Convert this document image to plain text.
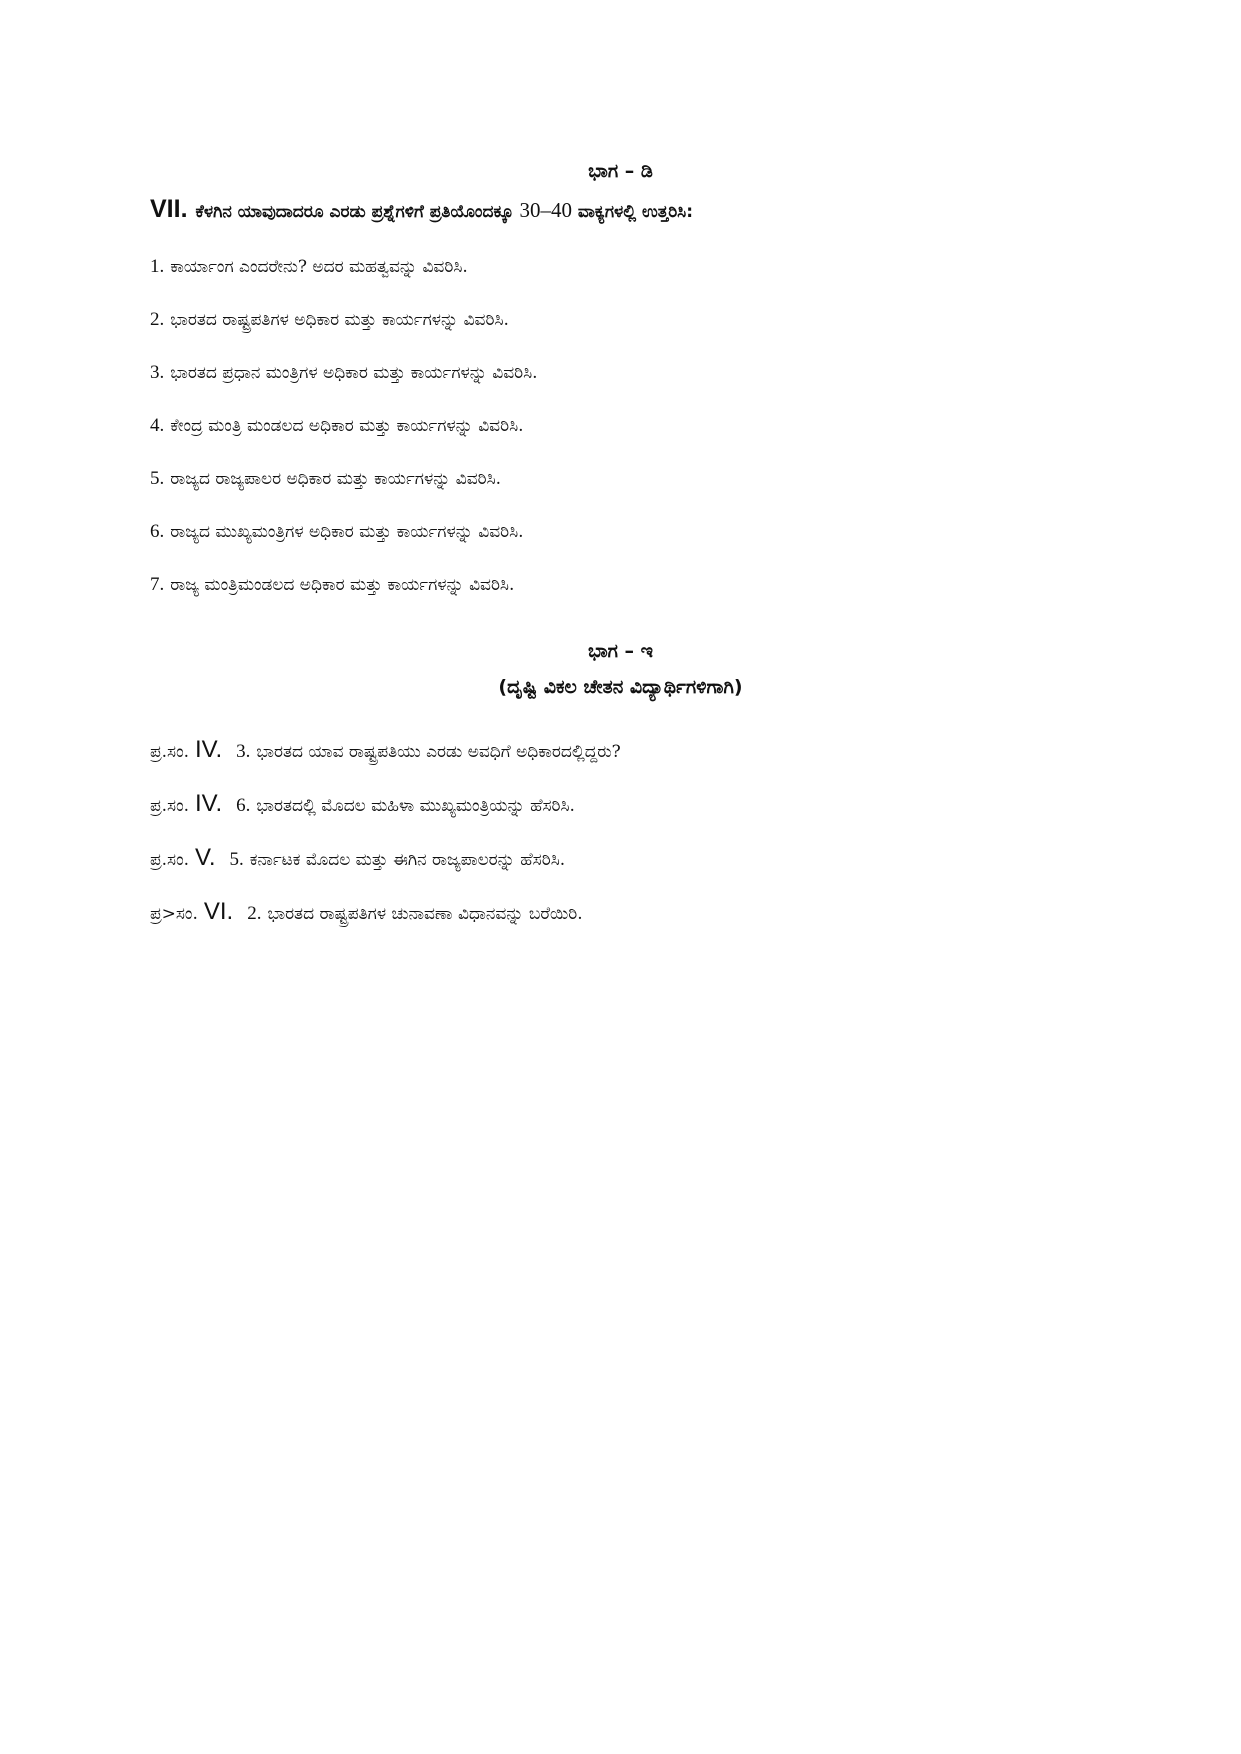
ಭಾಗ – ಡಿ
VII. ಕೆಳಗಿನ ಯಾವುದಾದರೂ ಎರಡು ಪ್ರಶ್ನೆಗಳಿಗೆ ಪ್ರತಿಯೊಂದಕ್ಕೂ 30–40 ವಾಕ್ಯಗಳಲ್ಲಿ ಉತ್ತರಿಸಿ:
1. ಕಾರ್ಯಾಂಗ ಎಂದರೇನು? ಅದರ ಮಹತ್ವವನ್ನು ವಿವರಿಸಿ.
2. ಭಾರತದ ರಾಷ್ಟ್ರಪತಿಗಳ ಅಧಿಕಾರ ಮತ್ತು ಕಾರ್ಯಗಳನ್ನು ವಿವರಿಸಿ.
3. ಭಾರತದ ಪ್ರಧಾನ ಮಂತ್ರಿಗಳ ಅಧಿಕಾರ ಮತ್ತು ಕಾರ್ಯಗಳನ್ನು ವಿವರಿಸಿ.
4. ಕೇಂದ್ರ ಮಂತ್ರಿ ಮಂಡಲದ ಅಧಿಕಾರ ಮತ್ತು ಕಾರ್ಯಗಳನ್ನು ವಿವರಿಸಿ.
5. ರಾಜ್ಯದ ರಾಜ್ಯಪಾಲರ ಅಧಿಕಾರ ಮತ್ತು ಕಾರ್ಯಗಳನ್ನು ವಿವರಿಸಿ.
6. ರಾಜ್ಯದ ಮುಖ್ಯಮಂತ್ರಿಗಳ ಅಧಿಕಾರ ಮತ್ತು ಕಾರ್ಯಗಳನ್ನು ವಿವರಿಸಿ.
7. ರಾಜ್ಯ ಮಂತ್ರಿಮಂಡಲದ ಅಧಿಕಾರ ಮತ್ತು ಕಾರ್ಯಗಳನ್ನು ವಿವರಿಸಿ.
ಭಾಗ – ಇ
(ದೃಷ್ಟಿ ವಿಕಲ ಚೇತನ ವಿದ್ಯಾರ್ಥಿಗಳಿಗಾಗಿ)
ಪ್ರ.ಸಂ. IV. 3. ಭಾರತದ ಯಾವ ರಾಷ್ಟ್ರಪತಿಯು ಎರಡು ಅವಧಿಗೆ ಅಧಿಕಾರದಲ್ಲಿದ್ದರು?
ಪ್ರ.ಸಂ. IV. 6. ಭಾರತದಲ್ಲಿ ಮೊದಲ ಮಹಿಳಾ ಮುಖ್ಯಮಂತ್ರಿಯನ್ನು ಹೆಸರಿಸಿ.
ಪ್ರ.ಸಂ. V. 5. ಕರ್ನಾಟಕ ಮೊದಲ ಮತ್ತು ಈಗಿನ ರಾಜ್ಯಪಾಲರನ್ನು ಹೆಸರಿಸಿ.
ಪ್ರ>ಸಂ. VI. 2. ಭಾರತದ ರಾಷ್ಟ್ರಪತಿಗಳ ಚುನಾವಣಾ ವಿಧಾನವನ್ನು ಬರೆಯಿರಿ.
